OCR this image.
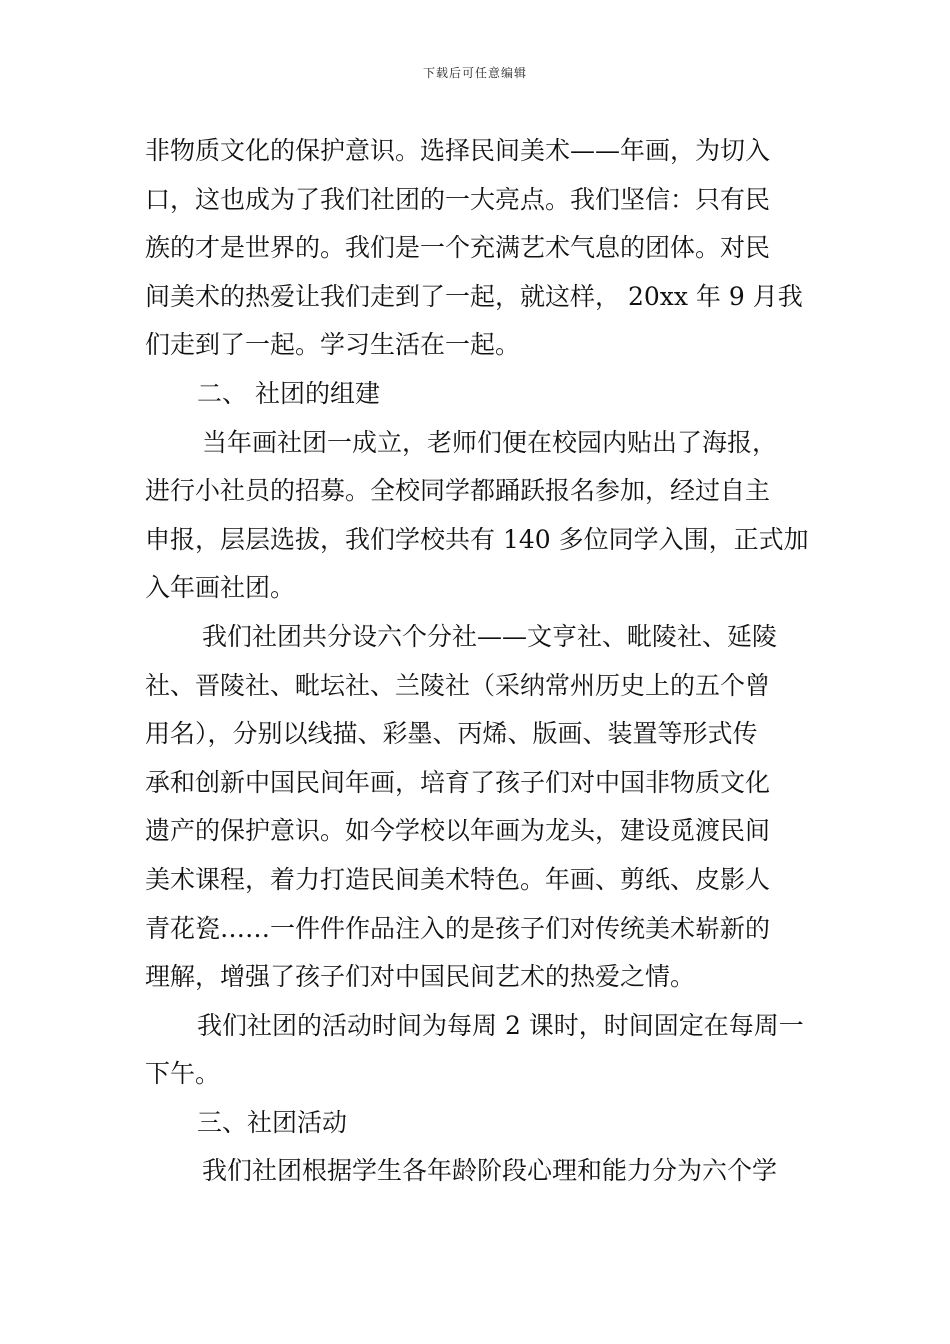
下载后可任意编辑
非物质文化的保护意识。选择民间美术——年画，为切入
口，这也成为了我们社团的一大亮点。我们坚信：只有民
族的才是世界的。我们是一个充满艺术气息的团体。对民
间美术的热爱让我们走到了一起，就这样， 20xx 年 9 月我
们走到了一起。学习生活在一起。
二、 社团的组建
当年画社团一成立，老师们便在校园内贴出了海报，
进行小社员的招募。全校同学都踊跃报名参加，经过自主
申报，层层选拔，我们学校共有 140 多位同学入围，正式加
入年画社团。
我们社团共分设六个分社——文亨社、毗陵社、延陵
社、晋陵社、毗坛社、兰陵社（采纳常州历史上的五个曾
用名），分别以线描、彩墨、丙烯、版画、装置等形式传
承和创新中国民间年画，培育了孩子们对中国非物质文化
遗产的保护意识。如今学校以年画为龙头，建设觅渡民间
美术课程，着力打造民间美术特色。年画、剪纸、皮影人
青花瓷……一件件作品注入的是孩子们对传统美术崭新的
理解，增强了孩子们对中国民间艺术的热爱之情。
我们社团的活动时间为每周 2 课时，时间固定在每周一
下午。
三、社团活动
我们社团根据学生各年龄阶段心理和能力分为六个学
